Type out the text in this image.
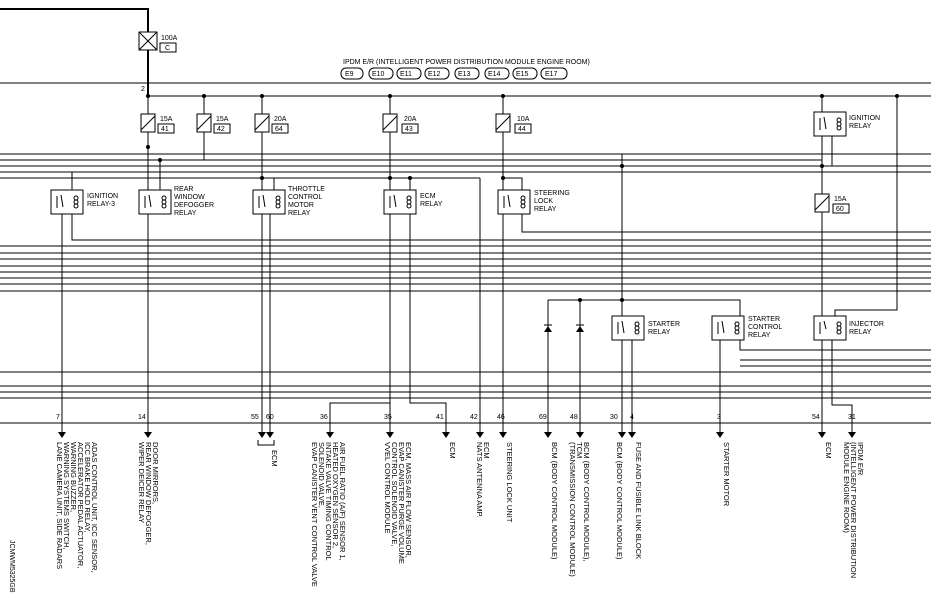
100A
C
IPDM E/R (INTELLIGENT POWER DISTRIBUTION MODULE ENGINE ROOM)
E9	E10 E11 E12	E13	E14 E15 E17
2
15A
41
15A
42
20A
64
20A
43
10A
44
15A
60
IGNITION
RELAY-3
REAR
WINDOW
DEFOGGER
RELAY
THROTTLE
CONTROL
MOTOR
RELAY
ECM
RELAY
STEERING
LOCK
RELAY
IGNITION
RELAY
STARTER
RELAY
STARTER
CONTROL
RELAY
INJECTOR
RELAY
7	14	55 60	36	35	41	42	46	69	48	30 4	3	54	31
ADAS CONTROL UNIT, ICC SENSOR,
ICC BRAKE HOLD RELAY,
ACCELERATOR PEDAL ACTUATOR,
WARNING BUZZER,
WARNING SYSTEMS SWITCH,
LANE CAMERA UNIT, SIDE RADARS	DOOR MIRRORS,
REAR WINDOW DEFOGGER,
WIPER DEICER RELAY	ECM	AIR FUEL RATIO (A/F) SENSOR 1,
HEATED OXYGEN SENSOR 2,
INTAKE VALVE TIMING CONTROL
SOLENOID VALVE,
EVAP CANISTER VENT CONTROL VALVE	ECM, MASS AIR FLOW SENSOR,
EVAP CANISTER PURGE VOLUME
CONTROL SOLENOID VALVE,
VVEL CONTROL MODULE	ECM	ECM
NATS ANTENNA AMP.	STEERING LOCK UNIT	BCM (BODY CONTROL MODULE)	BCM (BODY CONTROL MODULE),
TCM
(TRANSMISSION CONTROL MODULE)	BCM (BODY CONTROL MODULE) FUSE AND FUSIBLE LINK BLOCK	STARTER MOTOR	ECM	IPDM E/R
(INTELLIGENT POWER DISTRIBUTION
MODULE ENGINE ROOM)
JCMWM5325GB
